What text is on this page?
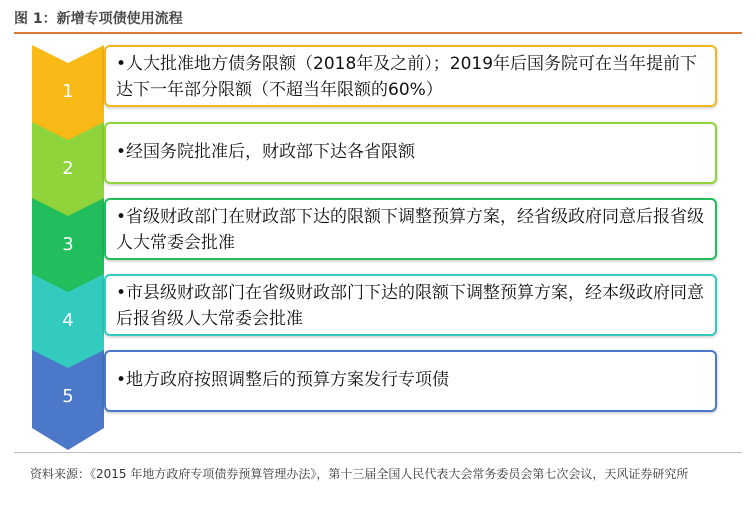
图 1：新增专项债使用流程
1
•人大批准地方债务限额（2018年及之前）；2019年后国务院可在当年提前下达下一年部分限额（不超当年限额的60%）
2
•经国务院批准后，财政部下达各省限额
3
•省级财政部门在财政部下达的限额下调整预算方案，经省级政府同意后报省级人大常委会批准
4
•市县级财政部门在省级财政部门下达的限额下调整预算方案，经本级政府同意后报省级人大常委会批准
5
•地方政府按照调整后的预算方案发行专项债
资料来源：《2015 年地方政府专项债券预算管理办法》，第十三届全国人民代表大会常务委员会第七次会议，天风证券研究所
